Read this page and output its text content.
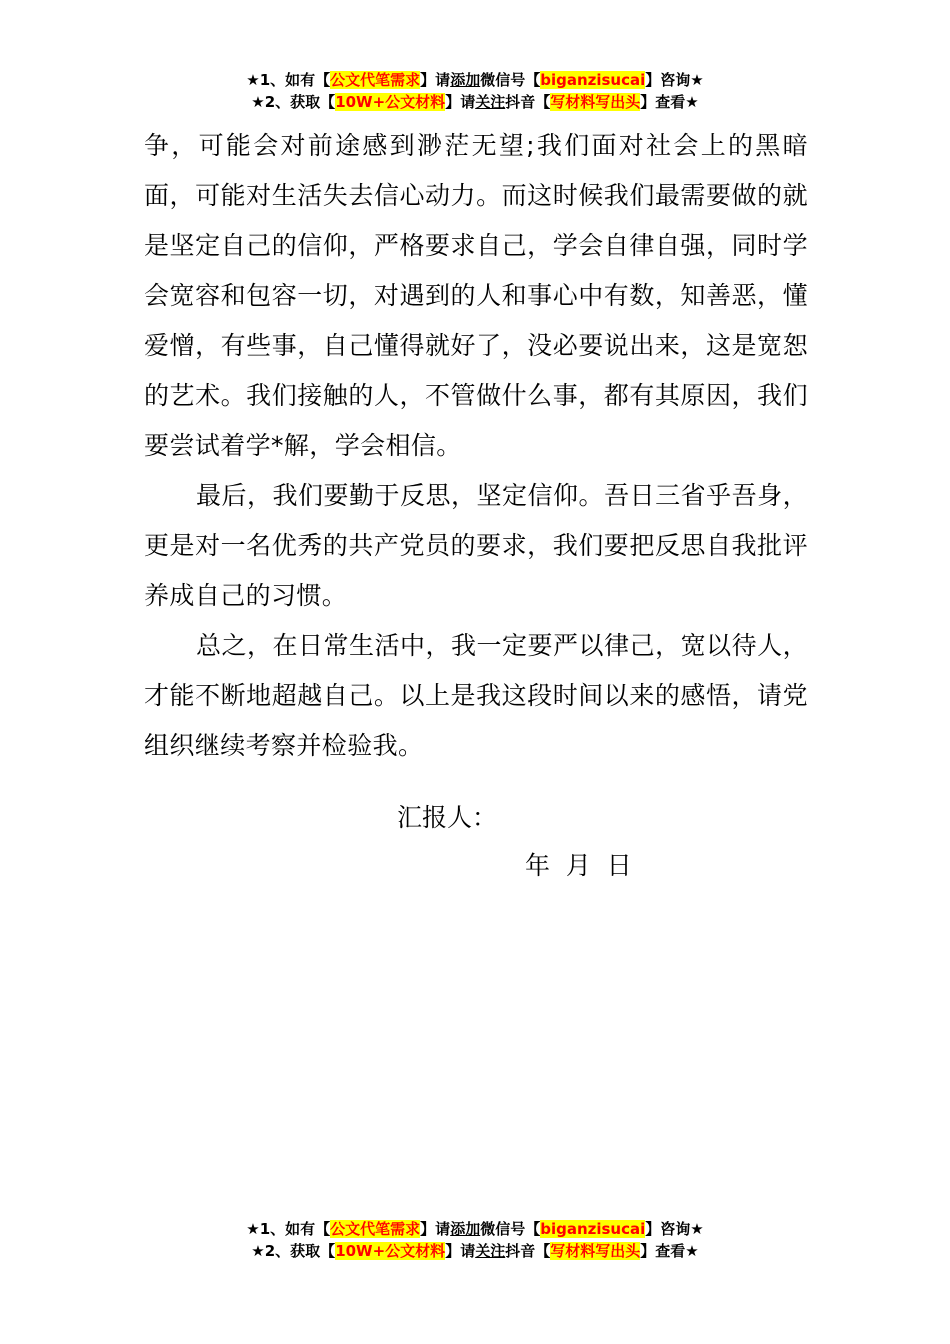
★1、如有【公文代笔需求】请添加微信号【biganzisucai】咨询★
★2、获取【10W+公文材料】请关注抖音【写材料写出头】查看★

争，可能会对前途感到渺茫无望;我们面对社会上的黑暗面，可能对生活失去信心动力。而这时候我们最需要做的就是坚定自己的信仰，严格要求自己，学会自律自强，同时学会宽容和包容一切，对遇到的人和事心中有数，知善恶，懂爱憎，有些事，自己懂得就好了，没必要说出来，这是宽恕的艺术。我们接触的人，不管做什么事，都有其原因，我们要尝试着学*解，学会相信。

最后，我们要勤于反思，坚定信仰。吾日三省乎吾身，更是对一名优秀的共产党员的要求，我们要把反思自我批评养成自己的习惯。

总之，在日常生活中，我一定要严以律己，宽以待人，才能不断地超越自己。以上是我这段时间以来的感悟，请党组织继续考察并检验我。

汇报人：
年  月  日
★1、如有【公文代笔需求】请添加微信号【biganzisucai】咨询★
★2、获取【10W+公文材料】请关注抖音【写材料写出头】查看★
